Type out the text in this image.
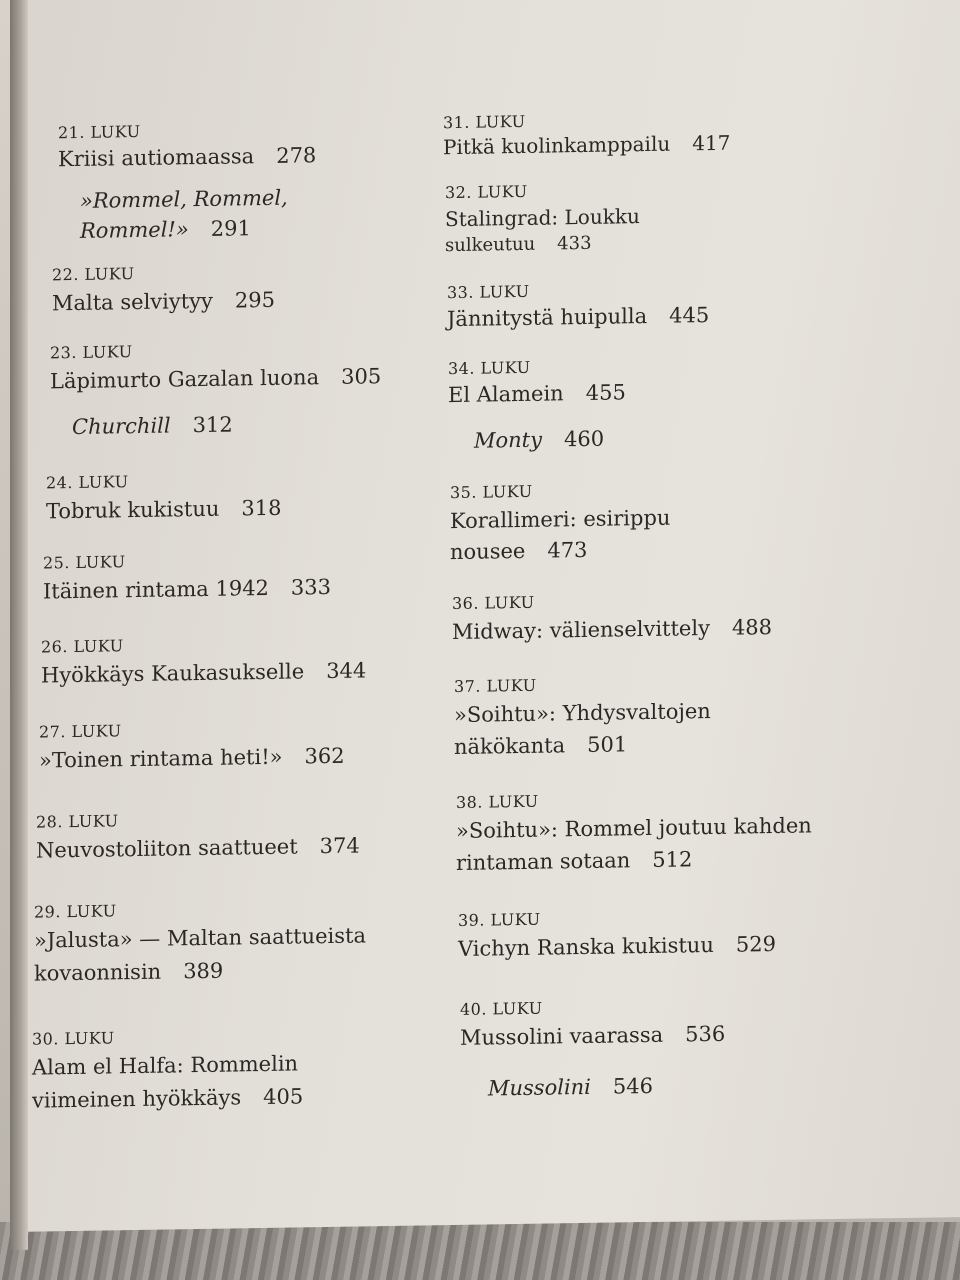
21. LUKU
Kriisi autiomaassa 278
»Rommel, Rommel,
Rommel!» 291
22. LUKU
Malta selviytyy 295
23. LUKU
Läpimurto Gazalan luona 305
Churchill 312
24. LUKU
Tobruk kukistuu 318
25. LUKU
Itäinen rintama 1942 333
26. LUKU
Hyökkäys Kaukasukselle 344
27. LUKU
»Toinen rintama heti!» 362
28. LUKU
Neuvostoliiton saattueet 374
29. LUKU
»Jalusta» — Maltan saattueista
kovaonnisin 389
30. LUKU
Alam el Halfa: Rommelin
viimeinen hyökkäys 405
31. LUKU
Pitkä kuolinkamppailu 417
32. LUKU
Stalingrad: Loukku
sulkeutuu 433
33. LUKU
Jännitystä huipulla 445
34. LUKU
El Alamein 455
Monty 460
35. LUKU
Korallimeri: esirippu
nousee 473
36. LUKU
Midway: välienselvittely 488
37. LUKU
»Soihtu»: Yhdysvaltojen
näkökanta 501
38. LUKU
»Soihtu»: Rommel joutuu kahden
rintaman sotaan 512
39. LUKU
Vichyn Ranska kukistuu 529
40. LUKU
Mussolini vaarassa 536
Mussolini 546
